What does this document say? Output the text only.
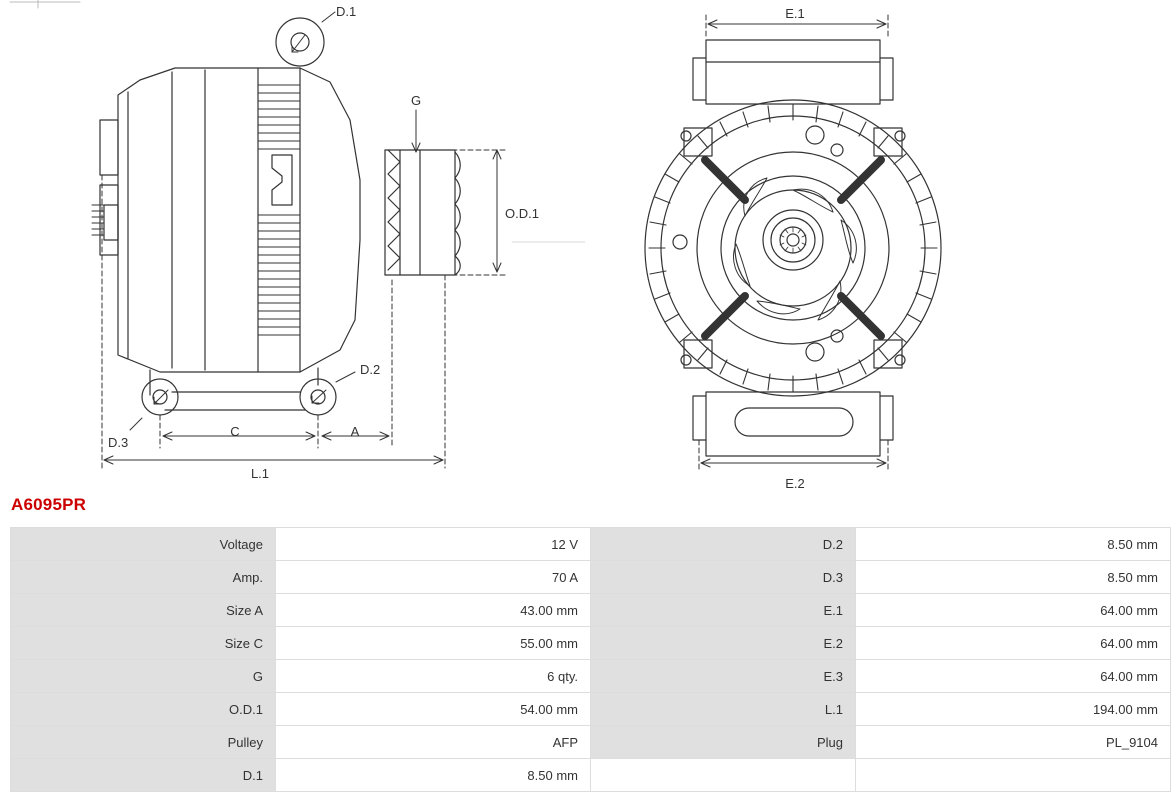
D.1
D.2
D.3
G
O.D.1
A
C
L.1
E.1
E.2
A6095PR
Voltage	12 V	D.2	8.50 mm
Amp.	70 A	D.3	8.50 mm
Size A	43.00 mm	E.1	64.00 mm
Size C	55.00 mm	E.2	64.00 mm
G	6 qty.	E.3	64.00 mm
O.D.1	54.00 mm	L.1	194.00 mm
Pulley	AFP	Plug	PL_9104
D.1	8.50 mm		
